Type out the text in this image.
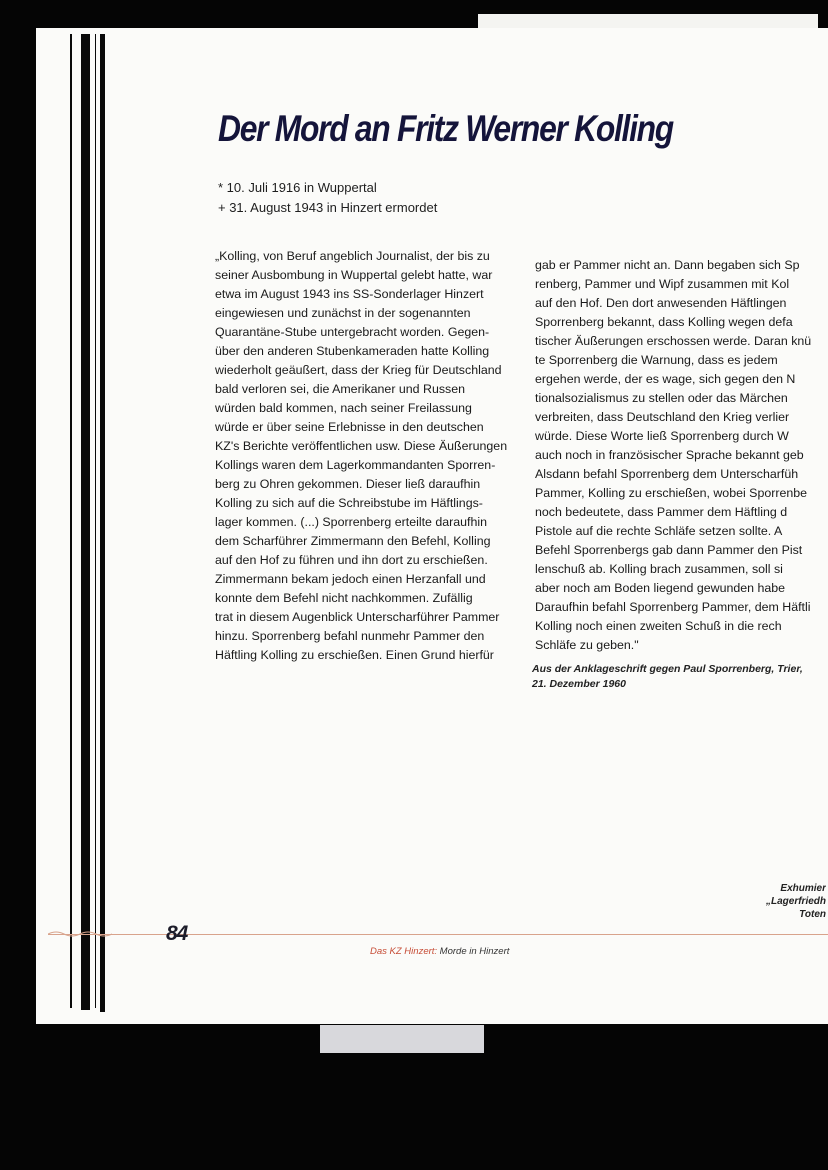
Der Mord an Fritz Werner Kolling
* 10. Juli 1916 in Wuppertal
+ 31. August 1943 in Hinzert ermordet
„Kolling, von Beruf angeblich Journalist, der bis zu
seiner Ausbombung in Wuppertal gelebt hatte, war
etwa im August 1943 ins SS-Sonderlager Hinzert
eingewiesen und zunächst in der sogenannten
Quarantäne-Stube untergebracht worden. Gegen-
über den anderen Stubenkameraden hatte Kolling
wiederholt geäußert, dass der Krieg für Deutschland
bald verloren sei, die Amerikaner und Russen
würden bald kommen, nach seiner Freilassung
würde er über seine Erlebnisse in den deutschen
KZ's Berichte veröffentlichen usw. Diese Äußerungen
Kollings waren dem Lagerkommandanten Sporren-
berg zu Ohren gekommen. Dieser ließ daraufhin
Kolling zu sich auf die Schreibstube im Häftlings-
lager kommen. (...) Sporrenberg erteilte daraufhin
dem Scharführer Zimmermann den Befehl, Kolling
auf den Hof zu führen und ihn dort zu erschießen.
Zimmermann bekam jedoch einen Herzanfall und
konnte dem Befehl nicht nachkommen. Zufällig
trat in diesem Augenblick Unterscharführer Pammer
hinzu. Sporrenberg befahl nunmehr Pammer den
Häftling Kolling zu erschießen. Einen Grund hierfür
gab er Pammer nicht an. Dann begaben sich Sp
renberg, Pammer und Wipf zusammen mit Kol
auf den Hof. Den dort anwesenden Häftlingen
Sporrenberg bekannt, dass Kolling wegen defa
tischer Äußerungen erschossen werde. Daran knü
te Sporrenberg die Warnung, dass es jedem
ergehen werde, der es wage, sich gegen den N
tionalsozialismus zu stellen oder das Märchen
verbreiten, dass Deutschland den Krieg verlier
würde. Diese Worte ließ Sporrenberg durch W
auch noch in französischer Sprache bekannt geb
Alsdann befahl Sporrenberg dem Unterscharfüh
Pammer, Kolling zu erschießen, wobei Sporrenbe
noch bedeutete, dass Pammer dem Häftling d
Pistole auf die rechte Schläfe setzen sollte. A
Befehl Sporrenbergs gab dann Pammer den Pist
lenschuß ab. Kolling brach zusammen, soll si
aber noch am Boden liegend gewunden habe
Daraufhin befahl Sporrenberg Pammer, dem Häftli
Kolling noch einen zweiten Schuß in die rech
Schläfe zu geben."
Aus der Anklageschrift gegen Paul Sporrenberg, Trier,
21. Dezember 1960
Exhumier
„Lagerfriedh
Toten
84
Das KZ Hinzert: Morde in Hinzert
